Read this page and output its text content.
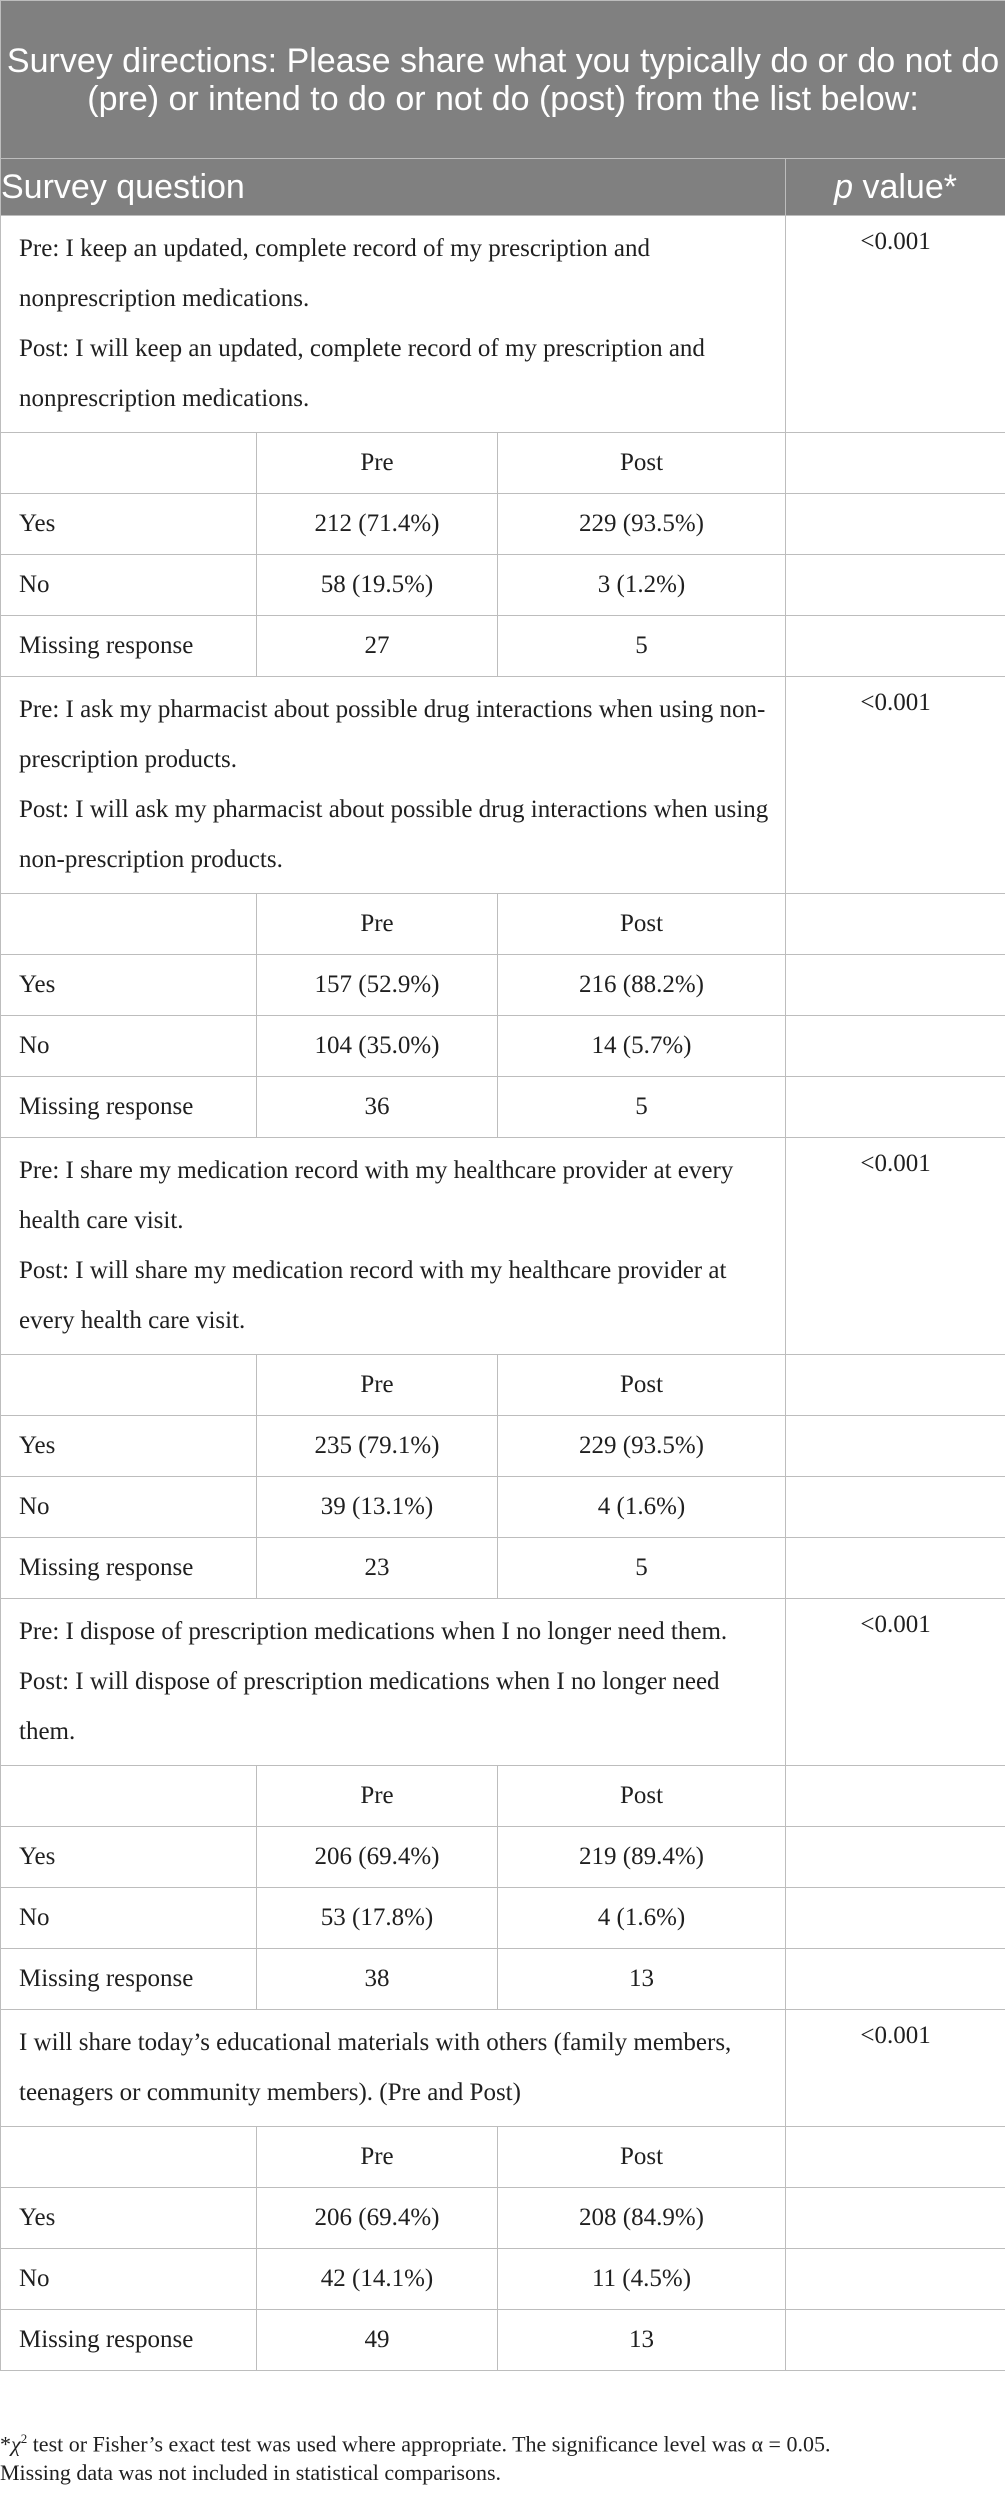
Survey directions: Please share what you typically do or do not do (pre) or intend to do or not do (post) from the list below:			
Survey question			p value*

Pre: I keep an updated, complete record of my prescription and nonprescription medications.
Post: I will keep an updated, complete record of my prescription and nonprescription medications.			<0.001
	Pre	Post	
Yes	212 (71.4%)	229 (93.5%)	
No	58 (19.5%)	3 (1.2%)	
Missing response	27	5	

Pre: I ask my pharmacist about possible drug interactions when using non-prescription products.
Post: I will ask my pharmacist about possible drug interactions when using non-prescription products.			<0.001
	Pre	Post	
Yes	157 (52.9%)	216 (88.2%)	
No	104 (35.0%)	14 (5.7%)	
Missing response	36	5	

Pre: I share my medication record with my healthcare provider at every health care visit.
Post: I will share my medication record with my healthcare provider at every health care visit.			<0.001
	Pre	Post	
Yes	235 (79.1%)	229 (93.5%)	
No	39 (13.1%)	4 (1.6%)	
Missing response	23	5	

Pre: I dispose of prescription medications when I no longer need them.
Post: I will dispose of prescription medications when I no longer need them.			<0.001
	Pre	Post	
Yes	206 (69.4%)	219 (89.4%)	
No	53 (17.8%)	4 (1.6%)	
Missing response	38	13	

I will share today’s educational materials with others (family members, teenagers or community members). (Pre and Post)			<0.001
	Pre	Post	
Yes	206 (69.4%)	208 (84.9%)	
No	42 (14.1%)	11 (4.5%)	
Missing response	49	13	
$*\chi^2$ test or Fisher’s exact test was used where appropriate. The significance level was α = 0.05.
Missing data was not included in statistical comparisons.
